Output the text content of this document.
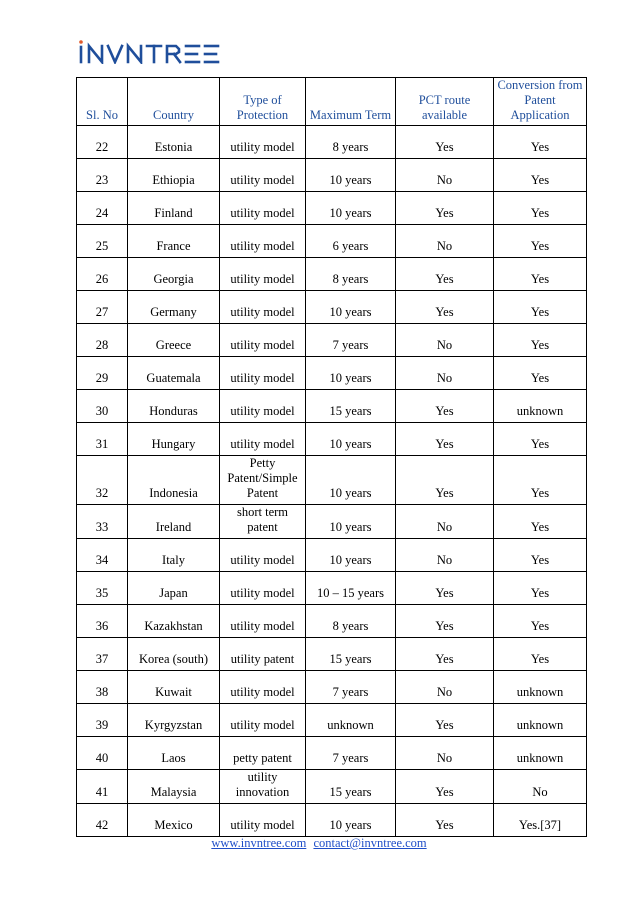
Sl. No	Country	Type of Protection	Maximum Term	PCT route available	Conversion from Patent Application
22	Estonia	utility model	8 years	Yes	Yes
23	Ethiopia	utility model	10 years	No	Yes
24	Finland	utility model	10 years	Yes	Yes
25	France	utility model	6 years	No	Yes
26	Georgia	utility model	8 years	Yes	Yes
27	Germany	utility model	10 years	Yes	Yes
28	Greece	utility model	7 years	No	Yes
29	Guatemala	utility model	10 years	No	Yes
30	Honduras	utility model	15 years	Yes	unknown
31	Hungary	utility model	10 years	Yes	Yes
32	Indonesia	Petty Patent/Simple Patent	10 years	Yes	Yes
33	Ireland	short term patent	10 years	No	Yes
34	Italy	utility model	10 years	No	Yes
35	Japan	utility model	10 – 15 years	Yes	Yes
36	Kazakhstan	utility model	8 years	Yes	Yes
37	Korea (south)	utility patent	15 years	Yes	Yes
38	Kuwait	utility model	7 years	No	unknown
39	Kyrgyzstan	utility model	unknown	Yes	unknown
40	Laos	petty patent	7 years	No	unknown
41	Malaysia	utility innovation	15 years	Yes	No
42	Mexico	utility model	10 years	Yes	Yes.[37]
www.invntree.com contact@invntree.com
